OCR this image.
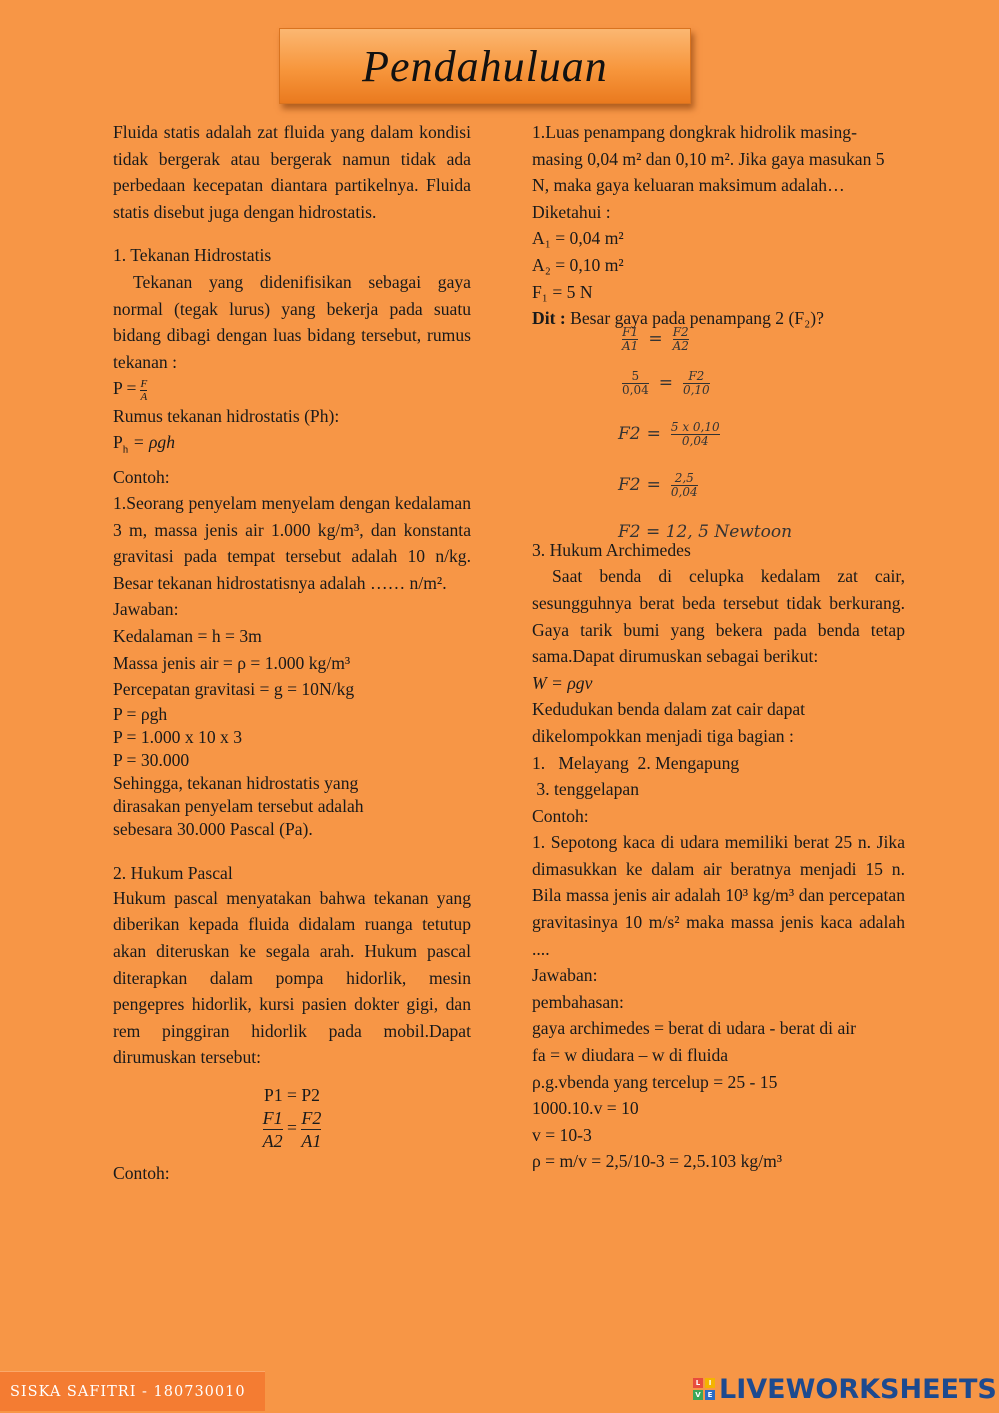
Pendahuluan

Fluida statis adalah zat fluida yang dalam kondisi tidak bergerak atau bergerak namun tidak ada perbedaan kecepatan diantara partikelnya. Fluida statis disebut juga dengan hidrostatis.

1. Tekanan Hidrostatis

Tekanan yang didenifisikan sebagai gaya normal (tegak lurus) yang bekerja pada suatu bidang dibagi dengan luas bidang tersebut, rumus tekanan :

$P = \frac{F}{A}$

Rumus tekanan hidrostatis (Ph):

$P_h = \rho gh$

Contoh:

1.Seorang penyelam menyelam dengan kedalaman 3 m, massa jenis air 1.000 kg/m³, dan konstanta gravitasi pada tempat tersebut adalah 10 n/kg. Besar tekanan hidrostatisnya adalah …… n/m².

Jawaban:

Kedalaman = h = 3m

Massa jenis air = ρ = 1.000 kg/m³

Percepatan gravitasi = g = 10N/kg

P = ρgh

P = 1.000 x 10 x 3

P = 30.000

Sehingga, tekanan hidrostatis yang

dirasakan penyelam tersebut adalah

sebesara 30.000 Pascal (Pa).

2. Hukum Pascal

Hukum pascal menyatakan bahwa tekanan yang diberikan kepada fluida didalam ruanga tetutup akan diteruskan ke segala arah. Hukum pascal diterapkan dalam pompa hidorlik, mesin pengepres hidorlik, kursi pasien dokter gigi, dan rem pinggiran hidorlik pada mobil.Dapat dirumuskan tersebut:

P1 = P2
$\frac{F1}{A2} = \frac{F2}{A1}$

Contoh:

1.Luas penampang dongkrak hidrolik masing-masing 0,04 m² dan 0,10 m². Jika gaya masukan 5 N, maka gaya keluaran maksimum adalah…

Diketahui :

A₁ = 0,04 m²

A₂ = 0,10 m²

F₁ = 5 N

Dit : Besar gaya pada penampang 2 (F₂)?

F1
A1 = F2
A2
5
0,04 = F2
0,10
F2 = 5 x 0,10
0,04
F2 = 2,5
0,04
F2 = 12, 5 Newtoon

3. Hukum Archimedes

Saat benda di celupka kedalam zat cair, sesungguhnya berat beda tersebut tidak berkurang. Gaya tarik bumi yang bekera pada benda tetap sama.Dapat dirumuskan sebagai berikut:

W = ρgv

Kedudukan benda dalam zat cair dapat dikelompokkan menjadi tiga bagian :

1.   Melayang  2. Mengapung

3. tenggelapan

Contoh:

1. Sepotong kaca di udara memiliki berat 25 n. Jika dimasukkan ke dalam air beratnya menjadi 15 n. Bila massa jenis air adalah 10³ kg/m³ dan percepatan gravitasinya 10 m/s² maka massa jenis kaca adalah ....

Jawaban:

pembahasan:

gaya archimedes = berat di udara - berat di air

fa = w diudara – w di fluida

ρ.g.vbenda yang tercelup = 25 - 15

1000.10.v = 10

v = 10-3

ρ = m/v = 2,5/10-3 = 2,5.103 kg/m³

SISKA SAFITRI - 180730010
L	I
V E LIVEWORKSHEETS
